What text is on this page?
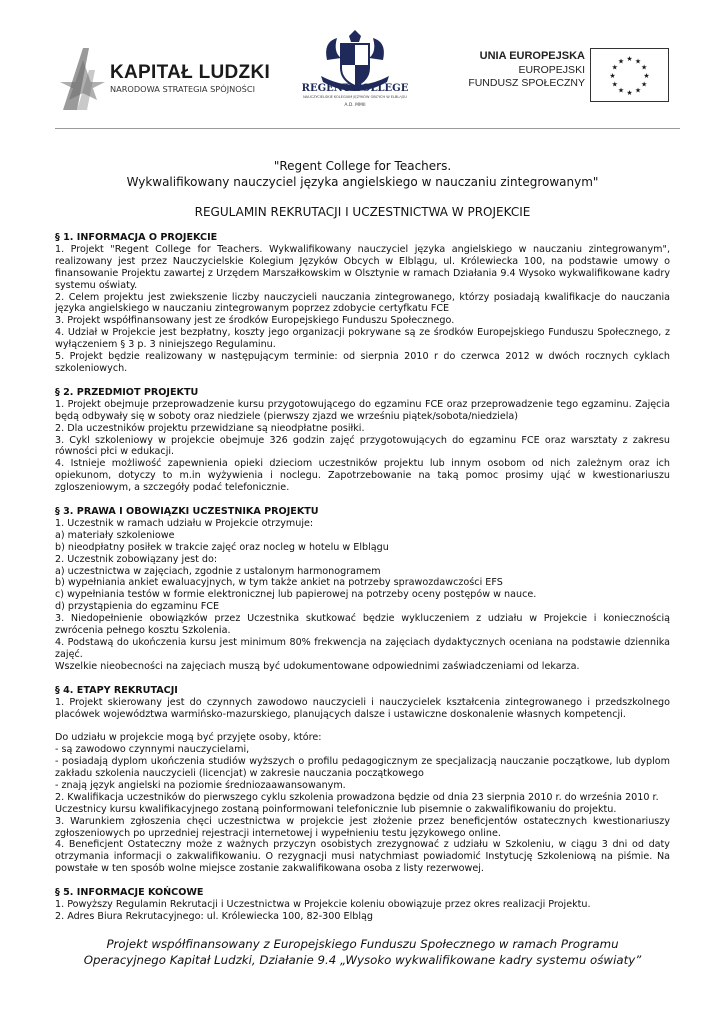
KAPITAŁ LUDZKI
NARODOWA STRATEGIA SPÓJNOŚCI	REGENT COLLEGE
NAUCZYCIELSKIE KOLEGIUM JĘZYKÓW OBCYCH W ELBLĄGU
A.D. MMII
UNIA EUROPEJSKA
EUROPEJSKI
FUNDUSZ SPOŁECZNY
★ ★
★
★
★
★
★
★
★
★
★
★
"Regent College for Teachers.
Wykwalifikowany nauczyciel języka angielskiego w nauczaniu zintegrowanym"
REGULAMIN REKRUTACJI I UCZESTNICTWA W PROJEKCIE
§ 1. INFORMACJA O PROJEKCIE
1. Projekt "Regent College for Teachers. Wykwalifikowany nauczyciel języka angielskiego w nauczaniu zintegrowanym", realizowany jest przez Nauczycielskie Kolegium Języków Obcych w Elblągu, ul. Królewiecka 100, na podstawie umowy o finansowanie Projektu zawartej z Urzędem Marszałkowskim w Olsztynie w ramach Działania 9.4 Wysoko wykwalifikowane kadry systemu oświaty.
2. Celem projektu jest zwiekszenie liczby nauczycieli nauczania zintegrowanego, którzy posiadają kwalifikacje do nauczania języka angielskiego w nauczaniu zintegrowanym poprzez zdobycie certyfkatu FCE
3. Projekt współfinansowany jest ze środków Europejskiego Funduszu Społecznego.
4. Udział w Projekcie jest bezpłatny, koszty jego organizacji pokrywane są ze środków Europejskiego Funduszu Społecznego, z wyłączeniem § 3 p. 3 niniejszego Regulaminu.
5. Projekt będzie realizowany w następującym terminie: od sierpnia 2010 r do czerwca 2012 w dwóch rocznych cyklach szkoleniowych.
§ 2. PRZEDMIOT PROJEKTU
1. Projekt obejmuje przeprowadzenie kursu przygotowującego do egzaminu FCE oraz przeprowadzenie tego egzaminu. Zajęcia będą odbywały się w soboty oraz niedziele (pierwszy zjazd we wrześniu piątek/sobota/niedziela)
2. Dla uczestników projektu przewidziane są nieodpłatne posiłki.
3. Cykl szkoleniowy w projekcie obejmuje 326 godzin zajęć przygotowujących do egzaminu FCE oraz warsztaty z zakresu równości płci w edukacji.
4. Istnieje możliwość zapewnienia opieki dzieciom uczestników projektu lub innym osobom od nich zależnym oraz ich opiekunom, dotyczy to m.in wyżywienia i noclegu. Zapotrzebowanie na taką pomoc prosimy ująć w kwestionariuszu zgloszeniowym, a szczegóły podać telefonicznie.
§ 3. PRAWA I OBOWIĄZKI UCZESTNIKA PROJEKTU
1. Uczestnik w ramach udziału w Projekcie otrzymuje:
a) materiały szkoleniowe
b) nieodpłatny posiłek w trakcie zajęć oraz nocleg w hotelu w Elblągu
2. Uczestnik zobowiązany jest do:
a) uczestnictwa w zajęciach, zgodnie z ustalonym harmonogramem
b) wypełniania ankiet ewaluacyjnych, w tym także ankiet na potrzeby sprawozdawczości EFS
c) wypełniania testów w formie elektronicznej lub papierowej na potrzeby oceny postępów w nauce.
d) przystąpienia do egzaminu FCE
3. Niedopełnienie obowiązków przez Uczestnika skutkować będzie wykluczeniem z udziału w Projekcie i koniecznością zwrócenia pełnego kosztu Szkolenia.
4. Podstawą do ukończenia kursu jest minimum 80% frekwencja na zajęciach dydaktycznych oceniana na podstawie dziennika zajęć.
Wszelkie nieobecności na zajęciach muszą być udokumentowane odpowiednimi zaświadczeniami od lekarza.
§ 4. ETAPY REKRUTACJI
1. Projekt skierowany jest do czynnych zawodowo nauczycieli i nauczycielek kształcenia zintegrowanego i przedszkolnego placówek województwa warmińsko-mazurskiego, planujących dalsze i ustawiczne doskonalenie własnych kompetencji.
Do udziału w projekcie mogą być przyjęte osoby, które:
- są zawodowo czynnymi nauczycielami,
- posiadają dyplom ukończenia studiów wyższych o profilu pedagogicznym ze specjalizacją nauczanie początkowe, lub dyplom zakładu szkolenia nauczycieli (licencjat) w zakresie nauczania początkowego
- znają język angielski na poziomie średniozaawansowanym.
2. Kwalifikacja uczestników do pierwszego cyklu szkolenia prowadzona będzie od dnia 23 sierpnia 2010 r. do września 2010 r.
Uczestnicy kursu kwalifikacyjnego zostaną poinformowani telefonicznie lub pisemnie o zakwalifikowaniu do projektu.
3. Warunkiem zgłoszenia chęci uczestnictwa w projekcie jest złożenie przez beneficjentów ostatecznych kwestionariuszy zgłoszeniowych po uprzedniej rejestracji internetowej i wypełnieniu testu językowego online.
4. Beneficjent Ostateczny może z ważnych przyczyn osobistych zrezygnować z udziału w Szkoleniu, w ciągu 3 dni od daty otrzymania informacji o zakwalifikowaniu. O rezygnacji musi natychmiast powiadomić Instytucję Szkoleniową na piśmie. Na powstałe w ten sposób wolne miejsce zostanie zakwalifikowana osoba z listy rezerwowej.
§ 5. INFORMACJE KOŃCOWE
1. Powyższy Regulamin Rekrutacji i Uczestnictwa w Projekcie koleniu obowiązuje przez okres realizacji Projektu.
2. Adres Biura Rekrutacyjnego: ul. Królewiecka 100, 82-300 Elbląg
Projekt współfinansowany z Europejskiego Funduszu Społecznego w ramach Programu
Operacyjnego Kapitał Ludzki, Działanie 9.4 „Wysoko wykwalifikowane kadry systemu oświaty”
